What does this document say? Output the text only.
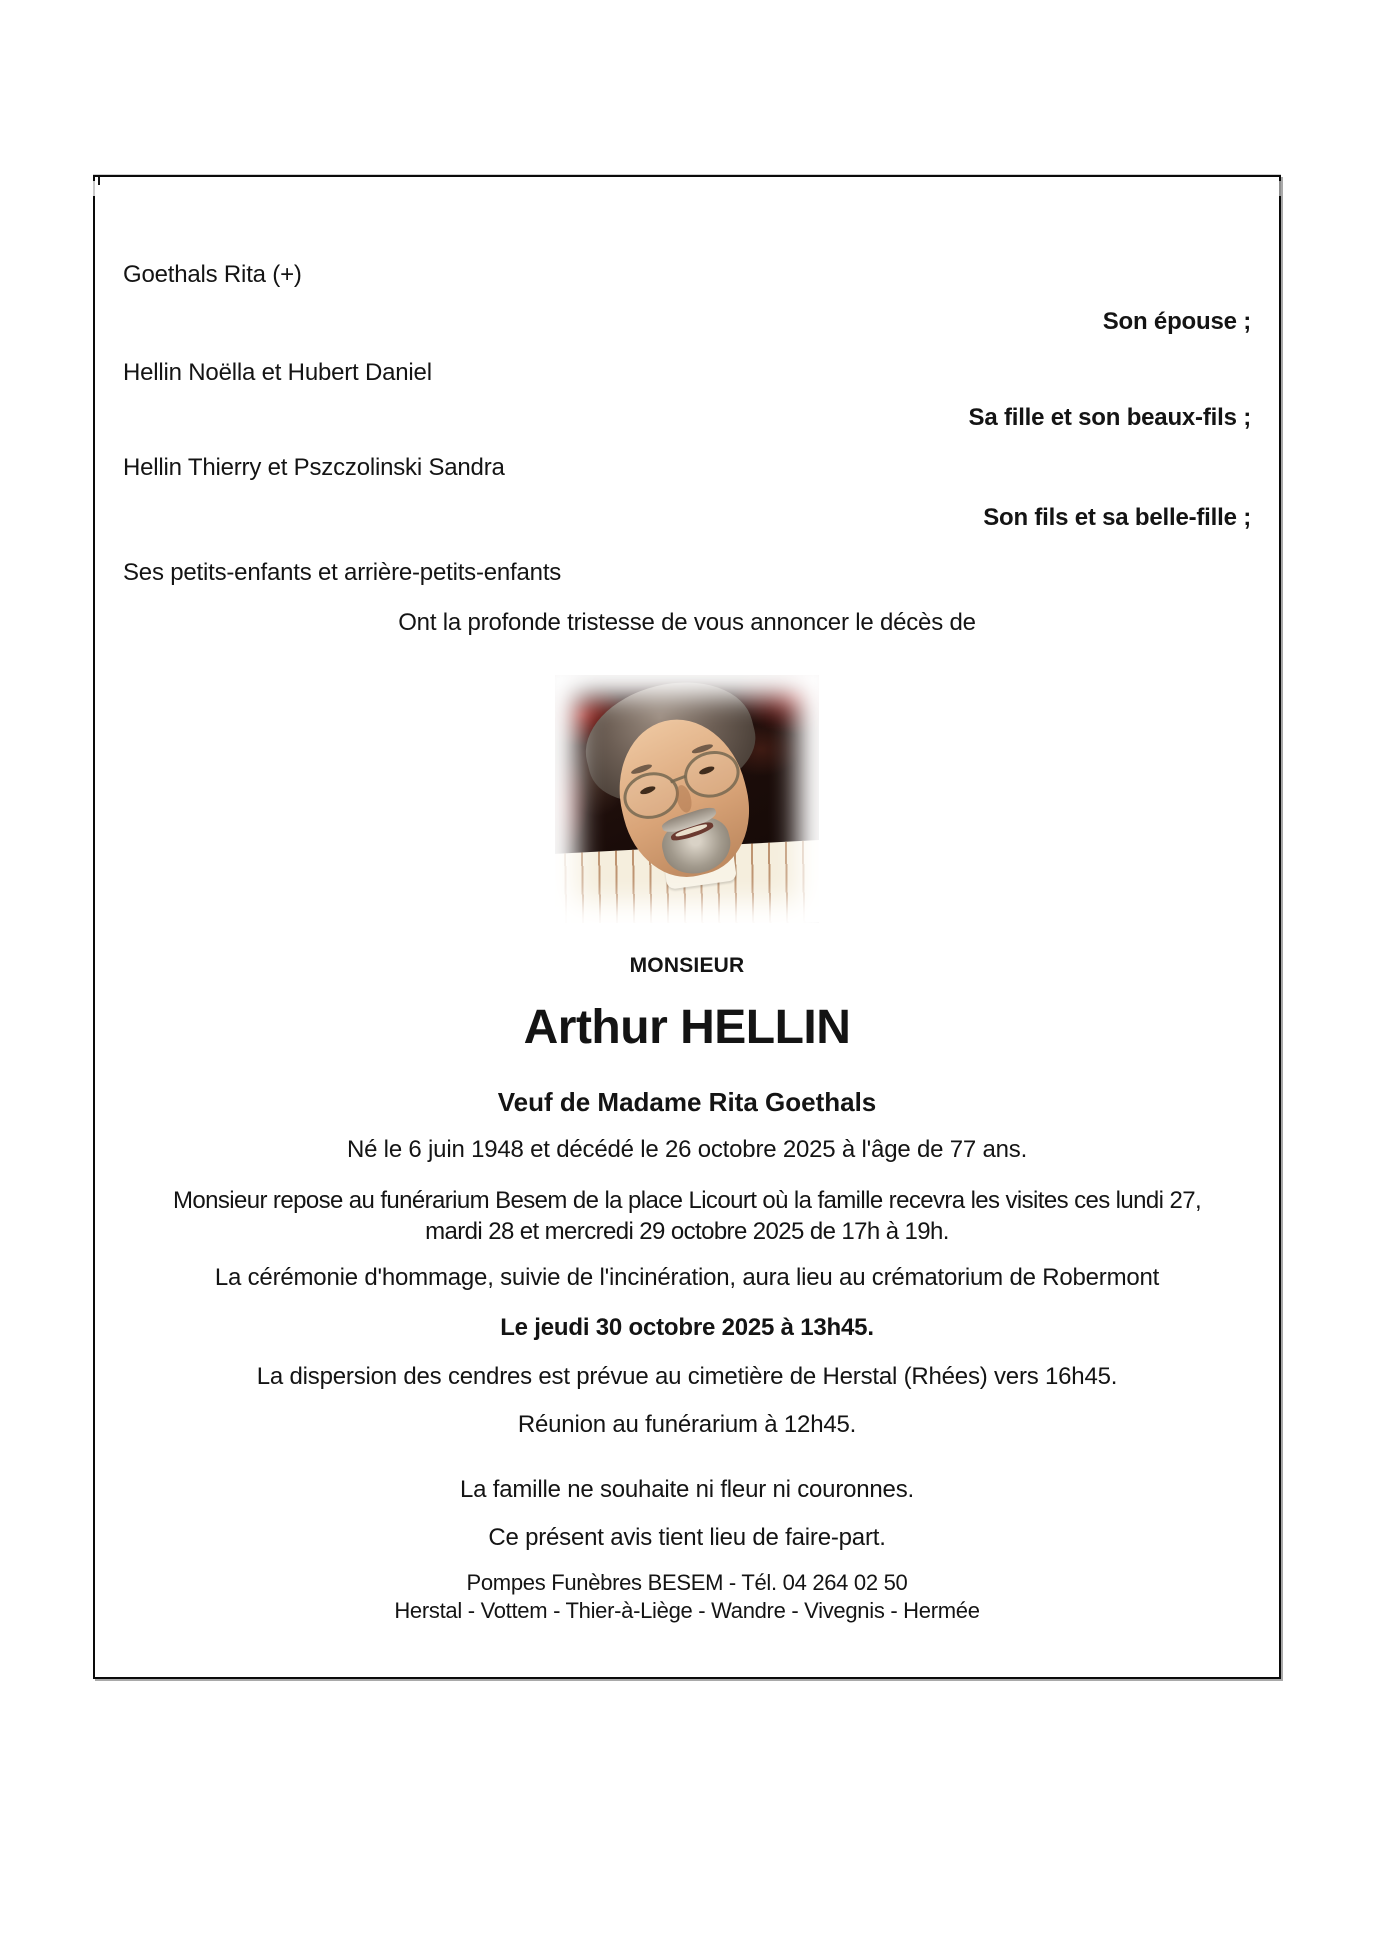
Goethals Rita (+)
Son épouse ;
Hellin Noëlla et Hubert Daniel
Sa fille et son beaux-fils ;
Hellin Thierry et Pszczolinski Sandra
Son fils et sa belle-fille ;
Ses petits-enfants et arrière-petits-enfants
Ont la profonde tristesse de vous annoncer le décès de
MONSIEUR
Arthur HELLIN
Veuf de Madame Rita Goethals
Né le 6 juin 1948 et décédé le 26 octobre 2025 à l'âge de 77 ans.
Monsieur repose au funérarium Besem de la place Licourt où la famille recevra les visites ces lundi 27,
mardi 28 et mercredi 29 octobre 2025 de 17h à 19h.
La cérémonie d'hommage, suivie de l'incinération, aura lieu au crématorium de Robermont
Le jeudi 30 octobre 2025 à 13h45.
La dispersion des cendres est prévue au cimetière de Herstal (Rhées) vers 16h45.
Réunion au funérarium à 12h45.
La famille ne souhaite ni fleur ni couronnes.
Ce présent avis tient lieu de faire-part.
Pompes Funèbres BESEM - Tél. 04 264 02 50
Herstal - Vottem - Thier-à-Liège - Wandre - Vivegnis - Hermée
